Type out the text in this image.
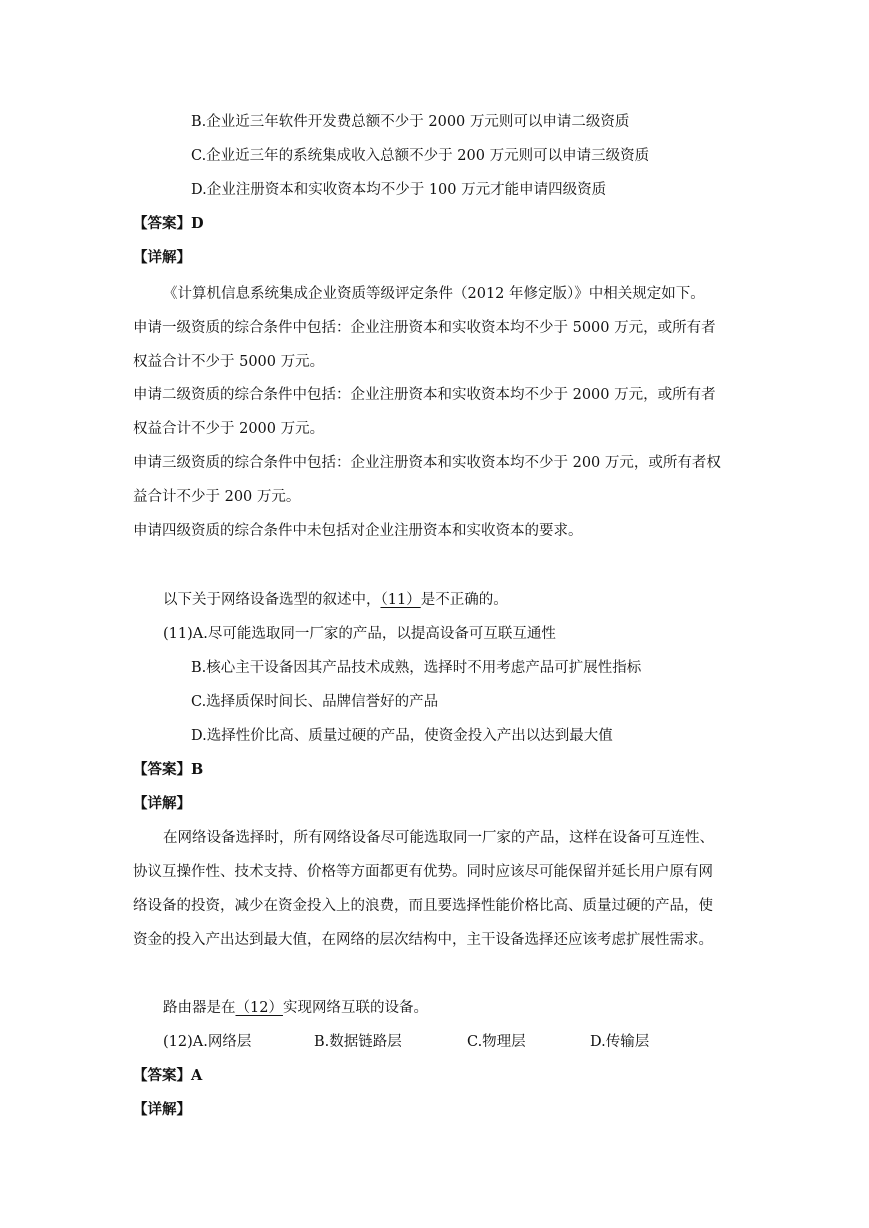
B.企业近三年软件开发费总额不少于 2000 万元则可以申请二级资质
C.企业近三年的系统集成收入总额不少于 200 万元则可以申请三级资质
D.企业注册资本和实收资本均不少于 100 万元才能申请四级资质
【答案】D
【详解】
《计算机信息系统集成企业资质等级评定条件（2012 年修定版）》中相关规定如下。
申请一级资质的综合条件中包括：企业注册资本和实收资本均不少于 5000 万元，或所有者
权益合计不少于 5000 万元。
申请二级资质的综合条件中包括：企业注册资本和实收资本均不少于 2000 万元，或所有者
权益合计不少于 2000 万元。
申请三级资质的综合条件中包括：企业注册资本和实收资本均不少于 200 万元，或所有者权
益合计不少于 200 万元。
申请四级资质的综合条件中未包括对企业注册资本和实收资本的要求。
以下关于网络设备选型的叙述中，（11）是不正确的。
(11)A.尽可能选取同一厂家的产品，以提高设备可互联互通性
B.核心主干设备因其产品技术成熟，选择时不用考虑产品可扩展性指标
C.选择质保时间长、品牌信誉好的产品
D.选择性价比高、质量过硬的产品，使资金投入产出以达到最大值
【答案】B
【详解】
在网络设备选择时，所有网络设备尽可能选取同一厂家的产品，这样在设备可互连性、
协议互操作性、技术支持、价格等方面都更有优势。同时应该尽可能保留并延长用户原有网
络设备的投资，减少在资金投入上的浪费，而且要选择性能价格比高、质量过硬的产品，使
资金的投入产出达到最大值，在网络的层次结构中，主干设备选择还应该考虑扩展性需求。
路由器是在（12）实现网络互联的设备。
(12)A.网络层	B.数据链路层	C.物理层	D.传输层
【答案】A
【详解】
